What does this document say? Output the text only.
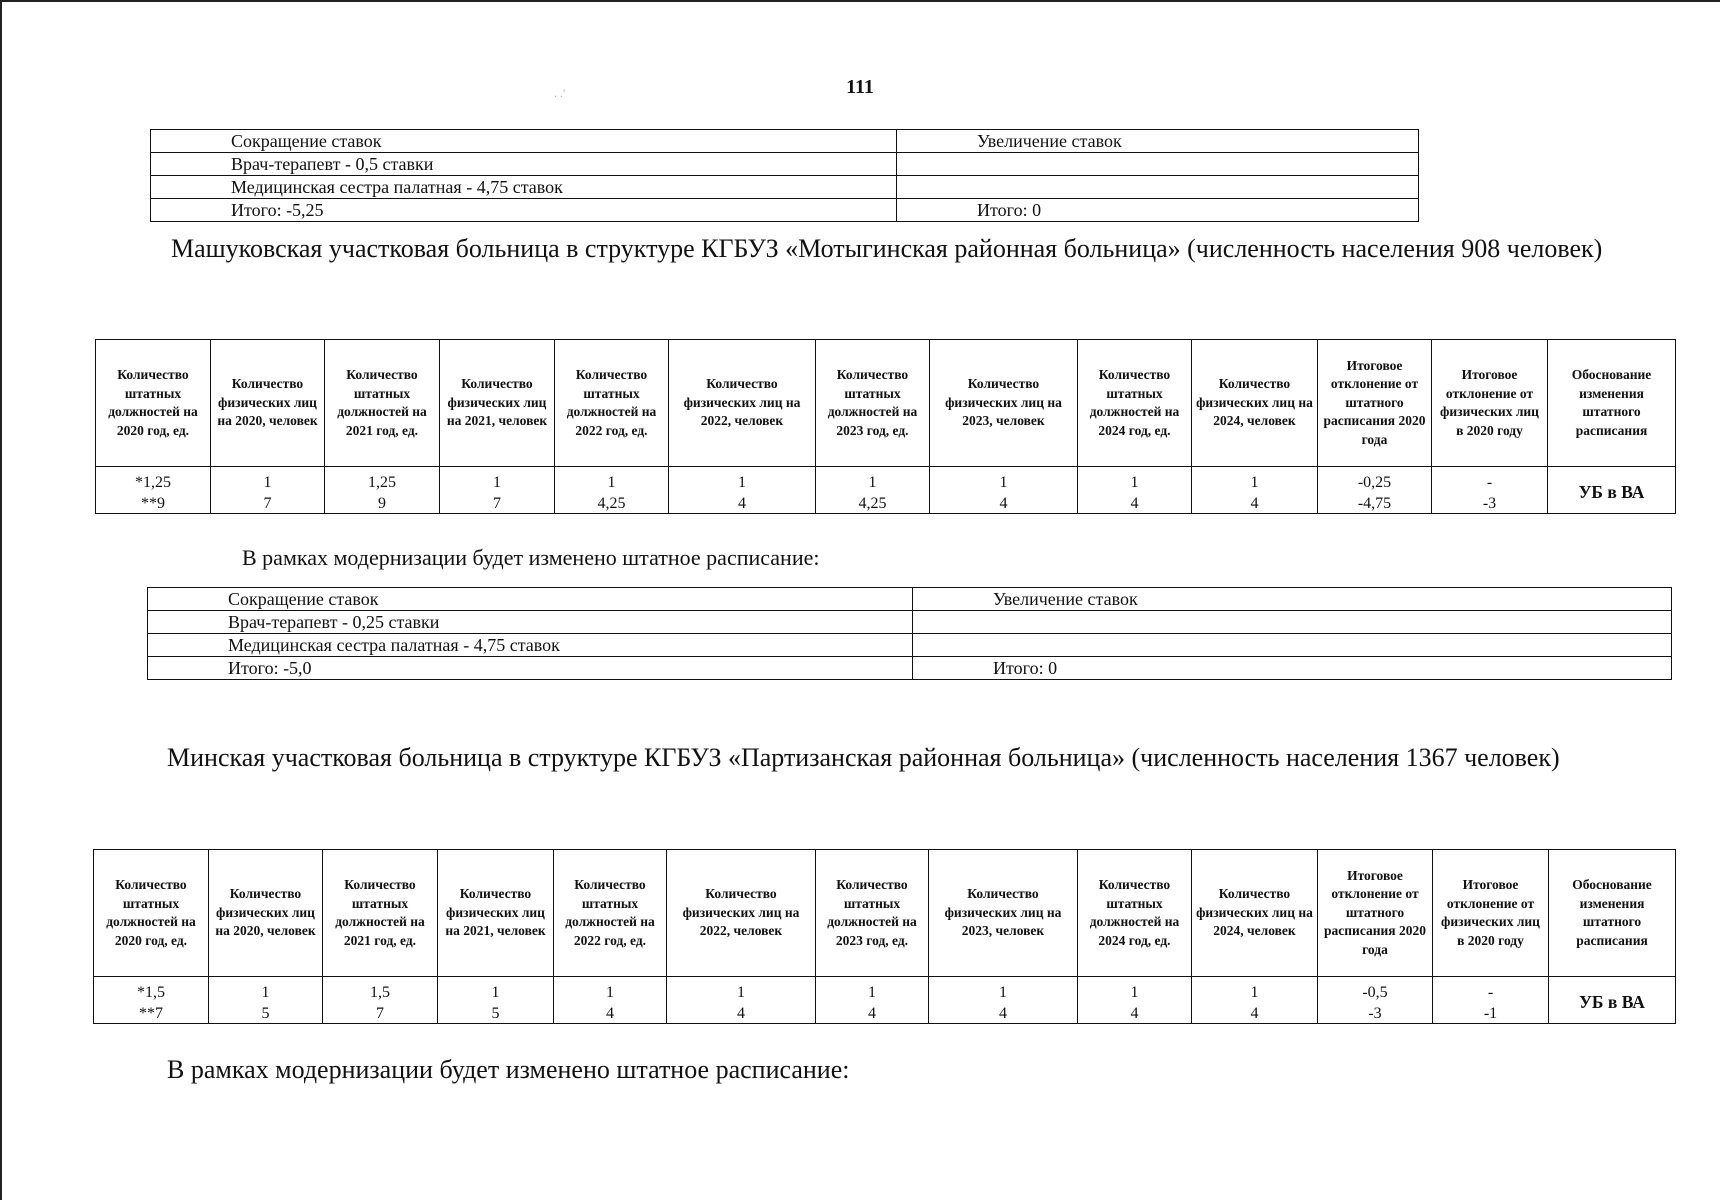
111
. .'
Сокращение ставок	Увеличение ставок
Врач-терапевт - 0,5 ставки	
Медицинская сестра палатная - 4,75 ставок	
Итого: -5,25	Итого: 0
Машуковская участковая больница в структуре КГБУЗ «Мотыгинская районная больница» (численность населения 908 человек)
Количество штатных должностей на 2020 год, ед.	Количество физических лиц на 2020, человек	Количество штатных должностей на 2021 год, ед.	Количество физических лиц на 2021, человек	Количество штатных должностей на 2022 год, ед.	Количество физических лиц на 2022, человек	Количество штатных должностей на 2023 год, ед.	Количество физических лиц на 2023, человек	Количество штатных должностей на 2024 год, ед.	Количество физических лиц на 2024, человек	Итоговое отклонение от штатного расписания 2020 года	Итоговое отклонение от физических лиц в 2020 году	Обоснование изменения штатного расписания
*1,25	1	1,25	1	1	1	1	1	1	1	-0,25	-	УБ в ВА
**9	7	9	7	4,25	4	4,25	4	4	4	-4,75	-3	
В рамках модернизации будет изменено штатное расписание:
Сокращение ставок	Увеличение ставок
Врач-терапевт - 0,25 ставки	
Медицинская сестра палатная - 4,75 ставок	
Итого: -5,0	Итого: 0
Минская участковая больница в структуре КГБУЗ «Партизанская районная больница» (численность населения 1367 человек)
Количество штатных должностей на 2020 год, ед.	Количество физических лиц на 2020, человек	Количество штатных должностей на 2021 год, ед.	Количество физических лиц на 2021, человек	Количество штатных должностей на 2022 год, ед.	Количество физических лиц на 2022, человек	Количество штатных должностей на 2023 год, ед.	Количество физических лиц на 2023, человек	Количество штатных должностей на 2024 год, ед.	Количество физических лиц на 2024, человек	Итоговое отклонение от штатного расписания 2020 года	Итоговое отклонение от физических лиц в 2020 году	Обоснование изменения штатного расписания
*1,5	1	1,5	1	1	1	1	1	1	1	-0,5	-	УБ в ВА
**7	5	7	5	4	4	4	4	4	4	-3	-1	
В рамках модернизации будет изменено штатное расписание:
